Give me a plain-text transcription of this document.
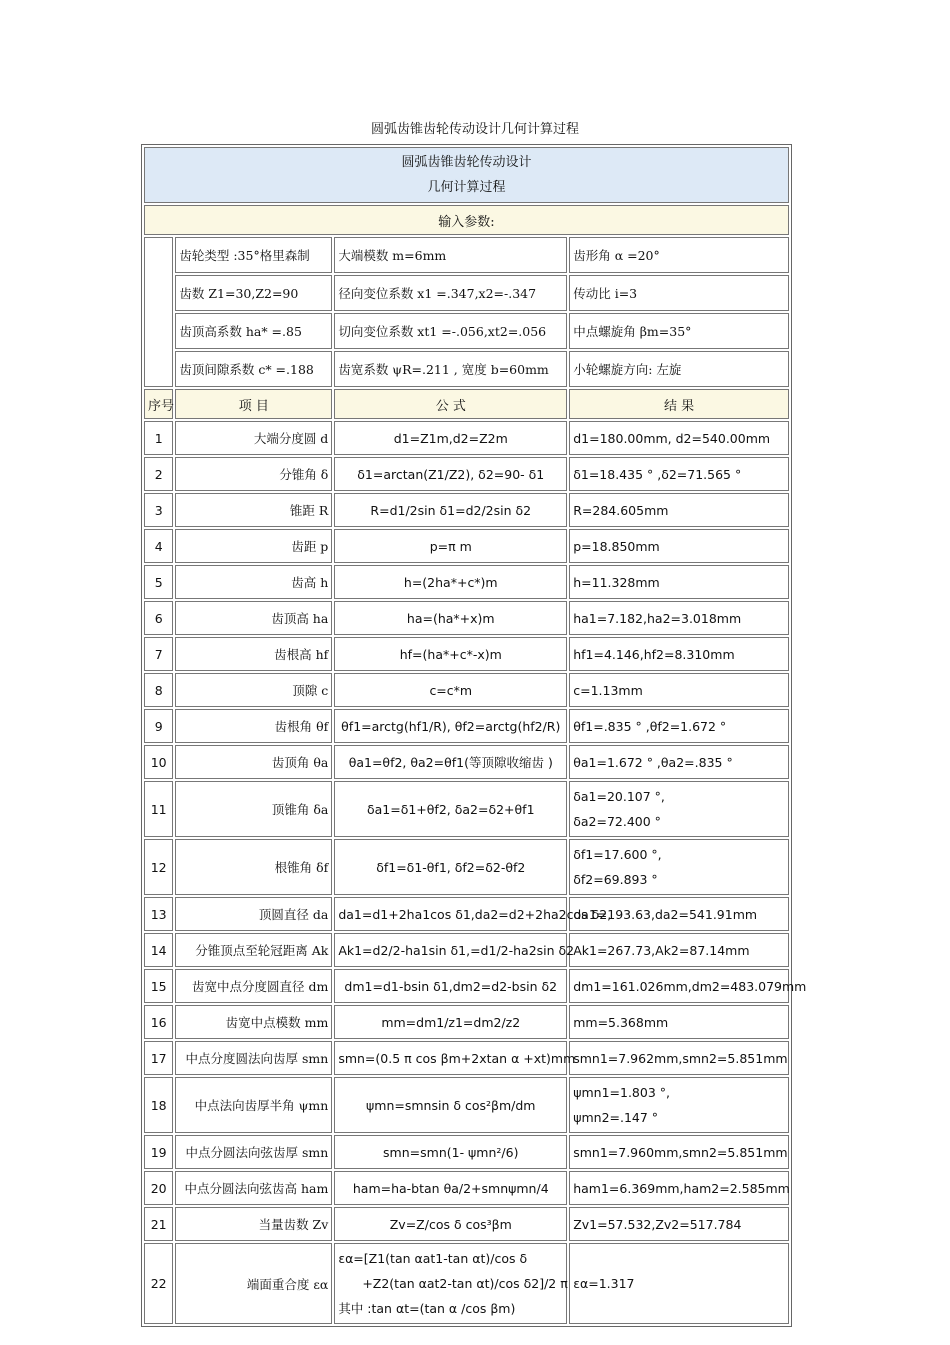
圆弧齿锥齿轮传动设计几何计算过程
圆弧齿锥齿轮传动设计
几何计算过程			

输入参数:			
	齿轮类型 :35°格里森制	大端模数 m=6mm	齿形角 α =20°
	齿数 Z1=30,Z2=90	径向变位系数 x1 =.347,x2=-.347	传动比 i=3
	齿顶高系数 ha* =.85	切向变位系数 xt1 =-.056,xt2=.056	中点螺旋角 βm=35°
	齿顶间隙系数 c* =.188	齿宽系数 ψR=.211 , 宽度 b=60mm	小轮螺旋方向: 左旋
序号	项 目	公 式	结 果
1	大端分度圆 d	d1=Z1m,d2=Z2m	d1=180.00mm, d2=540.00mm

2	分锥角 δ	δ1=arctan(Z1/Z2), δ2=90- δ1	δ1=18.435 ° ,δ2=71.565 °

3	锥距 R	R=d1/2sin δ1=d2/2sin δ2	R=284.605mm

4	齿距 p	p=π m	p=18.850mm

5	齿高 h	h=(2ha*+c*)m	h=11.328mm

6	齿顶高 ha	ha=(ha*+x)m	ha1=7.182,ha2=3.018mm

7	齿根高 hf	hf=(ha*+c*-x)m	hf1=4.146,hf2=8.310mm

8	顶隙 c	c=c*m	c=1.13mm

9	齿根角 θf	θf1=arctg(hf1/R), θf2=arctg(hf2/R)	θf1=.835 ° ,θf2=1.672 °

10	齿顶角 θa	θa1=θf2, θa2=θf1(等顶隙收缩齿 )	θa1=1.672 ° ,θa2=.835 °

11	顶锥角 δa	δa1=δ1+θf2, δa2=δ2+θf1	δa1=20.107 °,
δa2=72.400 °

12	根锥角 δf	δf1=δ1-θf1, δf2=δ2-θf2	δf1=17.600 °,
δf2=69.893 °

13	顶圆直径 da	da1=d1+2ha1cos δ1,da2=d2+2ha2cos δ2,	da1=193.63,da2=541.91mm

14	分锥顶点至轮冠距离 Ak	Ak1=d2/2-ha1sin δ1,=d1/2-ha2sin δ2	Ak1=267.73,Ak2=87.14mm

15	齿宽中点分度圆直径 dm	dm1=d1-bsin δ1,dm2=d2-bsin δ2	dm1=161.026mm,dm2=483.079mm

16	齿宽中点模数 mm	mm=dm1/z1=dm2/z2	mm=5.368mm

17	中点分度圆法向齿厚 smn	smn=(0.5 π cos βm+2xtan α +xt)mm	smn1=7.962mm,smn2=5.851mm

18	中点法向齿厚半角 ψmn	ψmn=smnsin δ cos²βm/dm	ψmn1=1.803 °,
ψmn2=.147 °

19	中点分圆法向弦齿厚 smn	smn=smn(1- ψmn²/6)	smn1=7.960mm,smn2=5.851mm

20	中点分圆法向弦齿高 ham	ham=ha-btan θa/2+smnψmn/4	ham1=6.369mm,ham2=2.585mm

21	当量齿数 Zv	Zv=Z/cos δ cos³βm	Zv1=57.532,Zv2=517.784

22	端面重合度 εα	εα=[Z1(tan αat1-tan αt)/cos δ
+Z2(tan αat2-tan αt)/cos δ2]/2 π
其中 :tan αt=(tan α /cos βm)	εα=1.317
